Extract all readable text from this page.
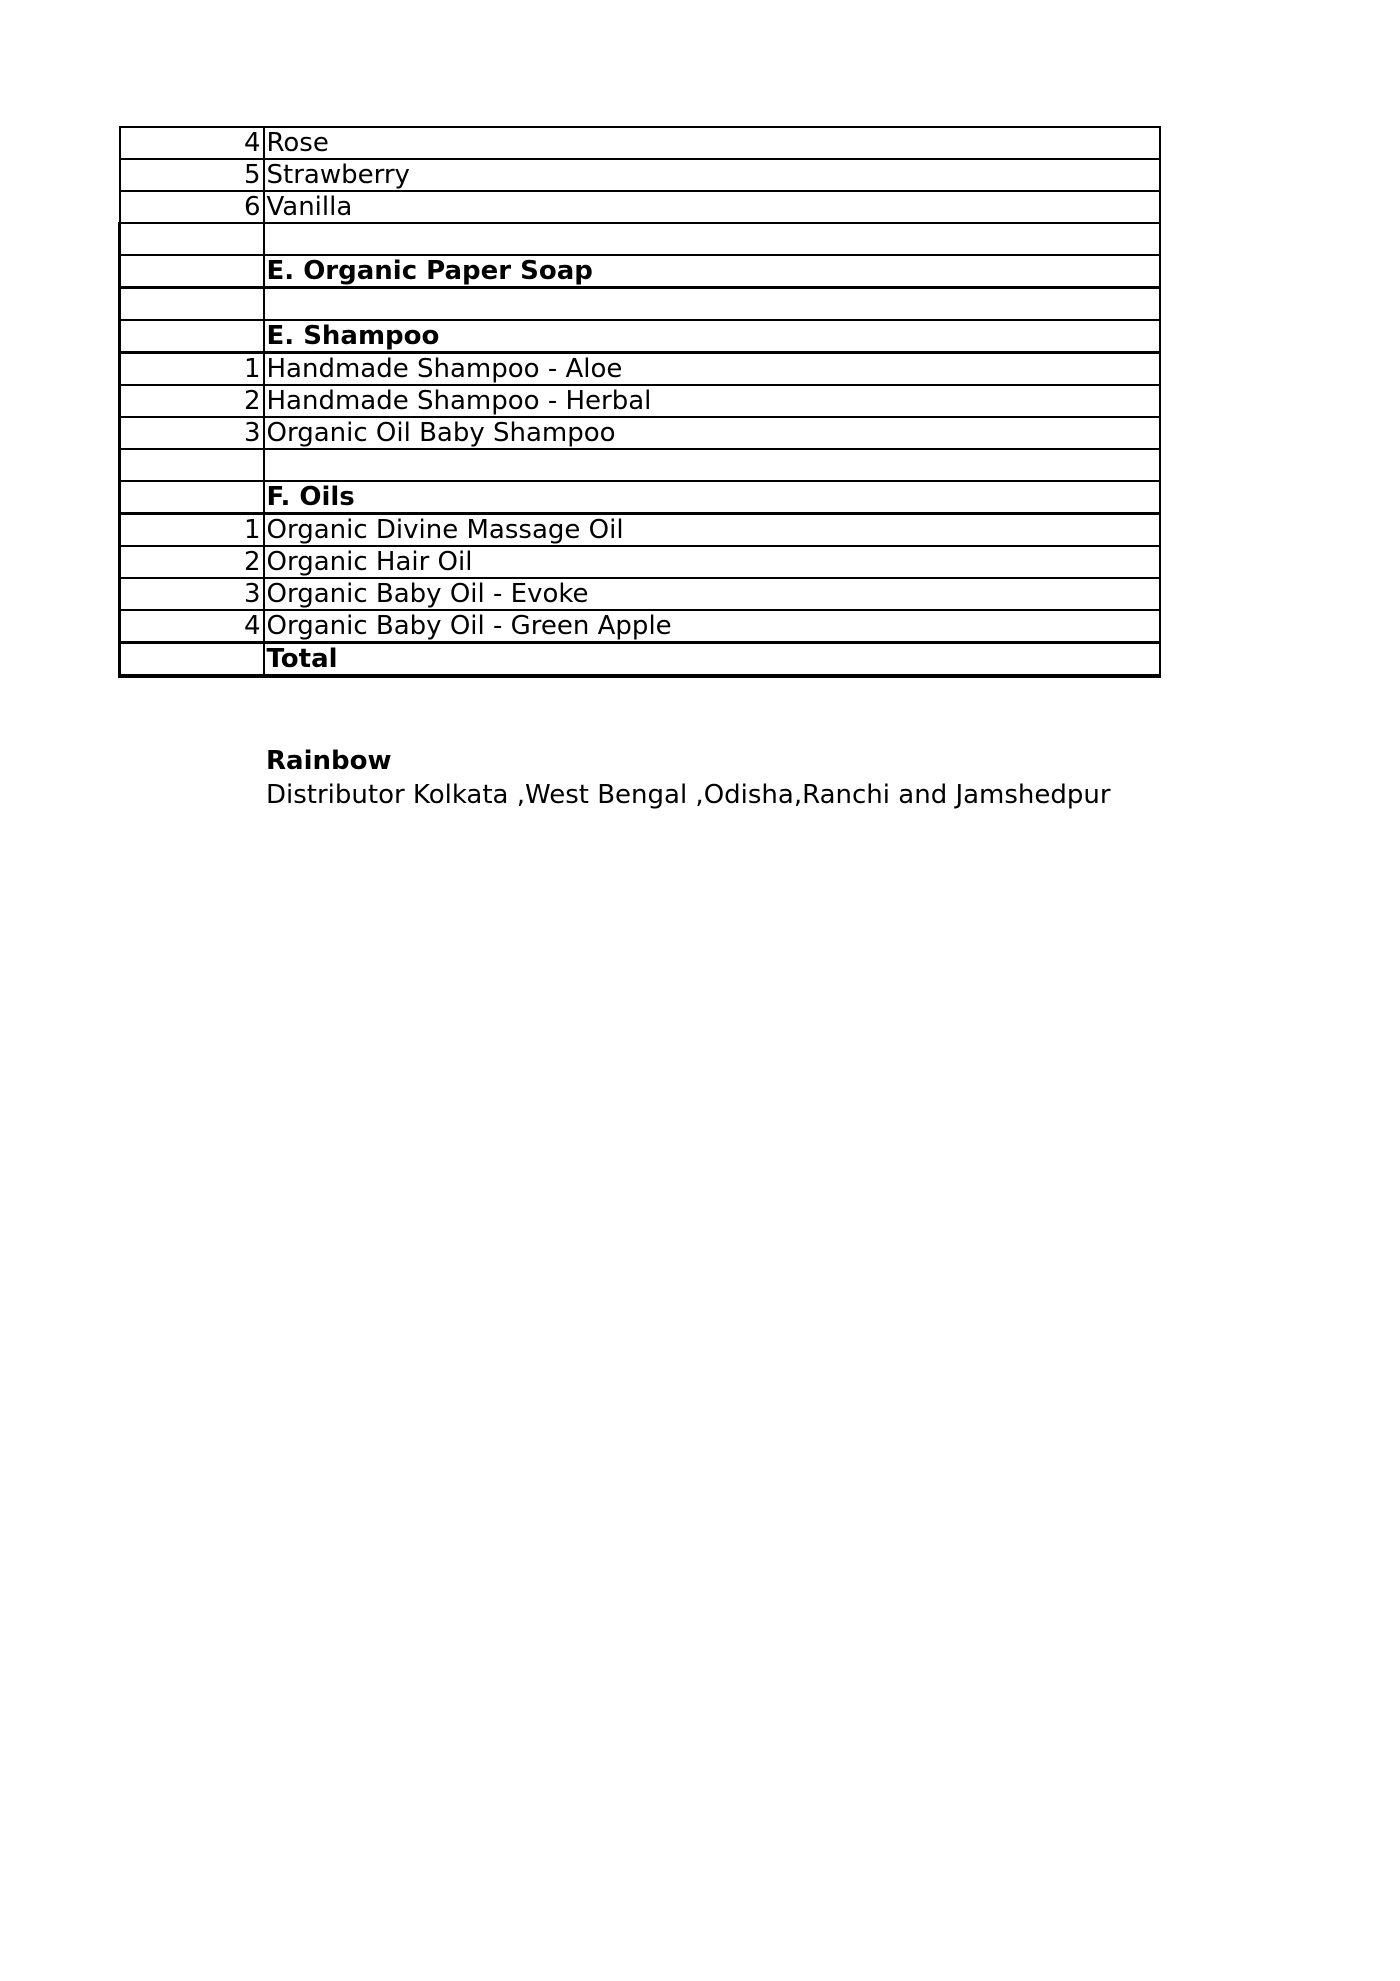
4	Rose
5	Strawberry
6	Vanilla

	E. Organic Paper Soap

	E. Shampoo
1	Handmade Shampoo - Aloe
2	Handmade Shampoo - Herbal
3	Organic Oil Baby Shampoo

	F. Oils
1	Organic Divine Massage Oil
2	Organic Hair Oil
3	Organic Baby Oil - Evoke
4	Organic Baby Oil - Green Apple
	Total
Rainbow
Distributor Kolkata ,West Bengal ,Odisha,Ranchi and Jamshedpur
